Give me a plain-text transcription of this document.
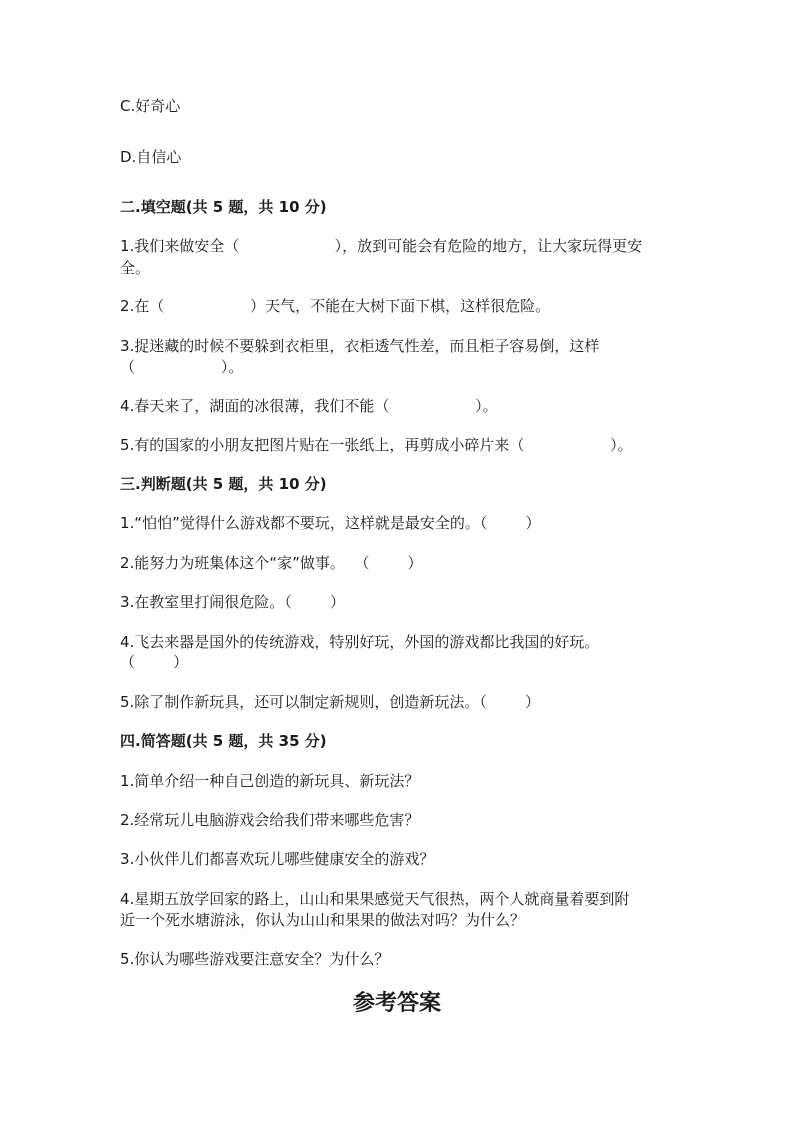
C.好奇心
D.自信心
二.填空题(共 5 题，共 10 分)
1.我们来做安全（                    ），放到可能会有危险的地方，让大家玩得更安
全。
2.在（                  ）天气，不能在大树下面下棋，这样很危险。
3.捉迷藏的时候不要躲到衣柜里，衣柜透气性差，而且柜子容易倒，这样
（                  ）。
4.春天来了，湖面的冰很薄，我们不能（                  ）。
5.有的国家的小朋友把图片贴在一张纸上，再剪成小碎片来（                  ）。
三.判断题(共 5 题，共 10 分)
1.“怕怕”觉得什么游戏都不要玩，这样就是最安全的。（        ）
2.能努力为班集体这个“家”做事。  （        ）
3.在教室里打闹很危险。（        ）
4.飞去来器是国外的传统游戏，特别好玩，外国的游戏都比我国的好玩。
（        ）
5.除了制作新玩具，还可以制定新规则，创造新玩法。（        ）
四.简答题(共 5 题，共 35 分)
1.简单介绍一种自己创造的新玩具、新玩法？
2.经常玩儿电脑游戏会给我们带来哪些危害？
3.小伙伴儿们都喜欢玩儿哪些健康安全的游戏？
4.星期五放学回家的路上，山山和果果感觉天气很热，两个人就商量着要到附
近一个死水塘游泳，你认为山山和果果的做法对吗？为什么？
5.你认为哪些游戏要注意安全？为什么？
参考答案
